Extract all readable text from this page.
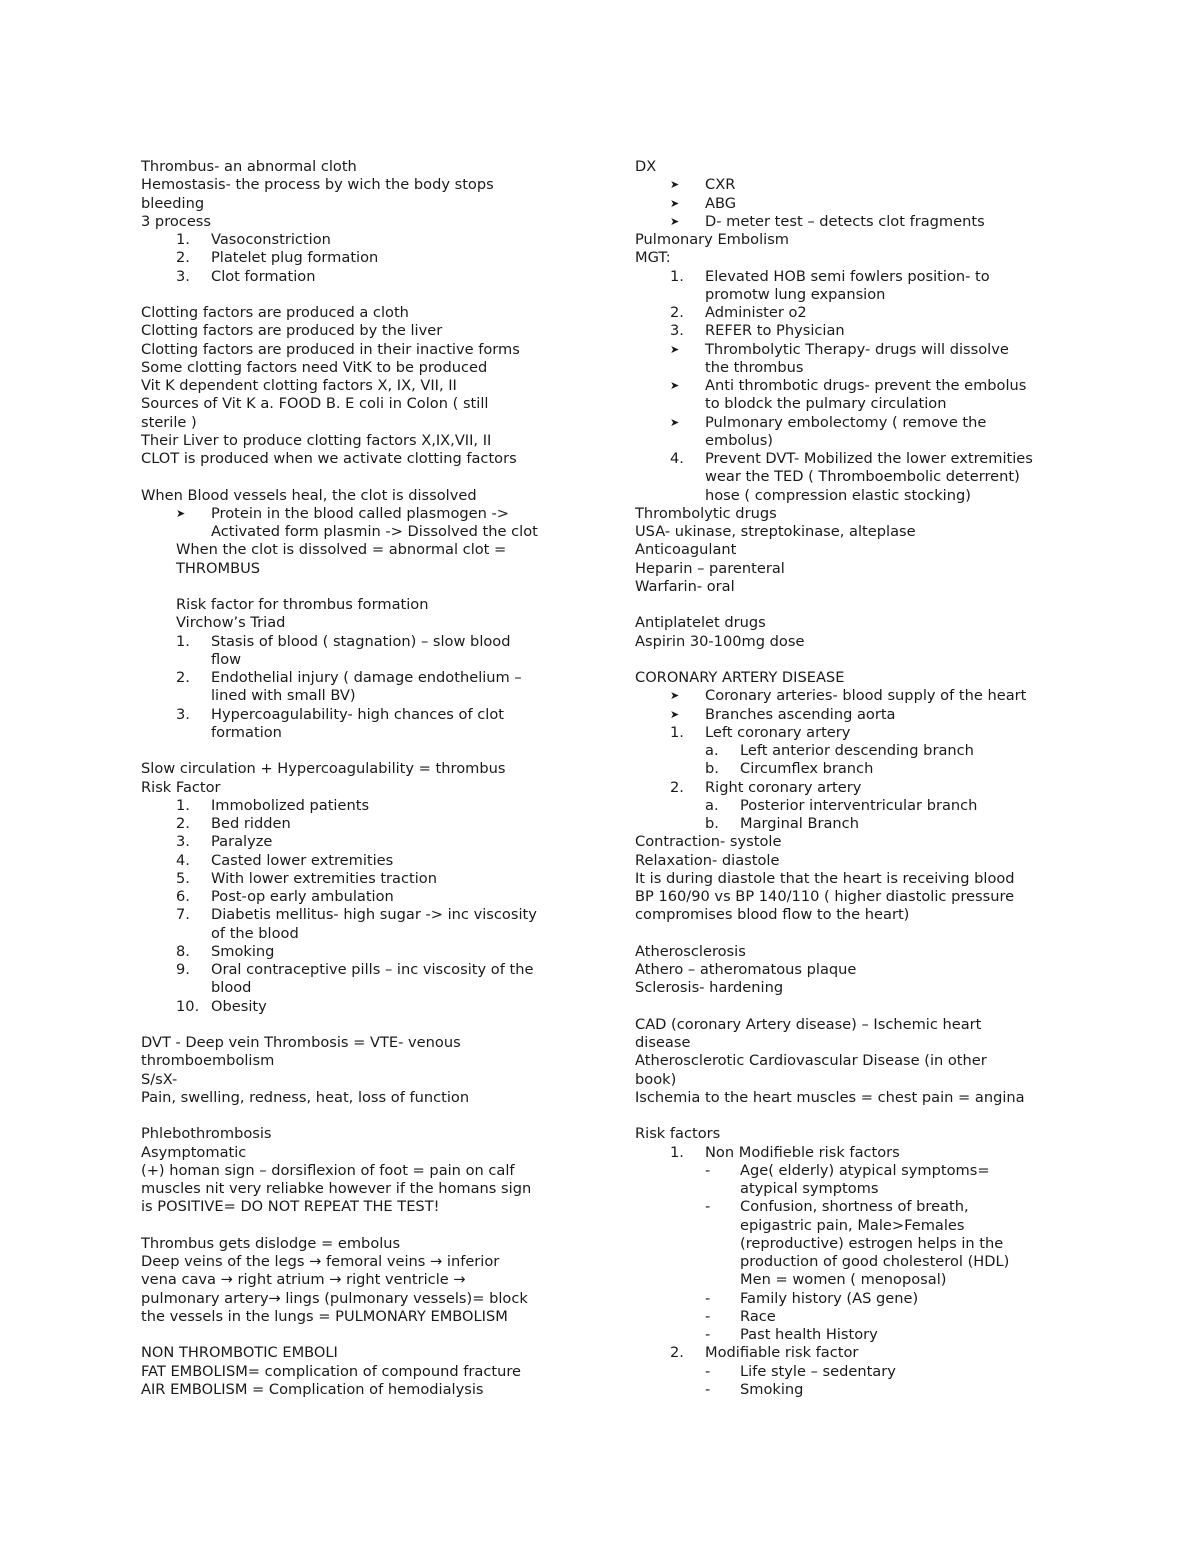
Thrombus- an abnormal cloth
Hemostasis- the process by wich the body stops
bleeding
3 process
1. Vasoconstriction
2. Platelet plug formation
3. Clot formation
Clotting factors are produced a cloth
Clotting factors are produced by the liver
Clotting factors are produced in their inactive forms
Some clotting factors need VitK to be produced
Vit K dependent clotting factors X, IX, VII, II
Sources of Vit K a. FOOD B. E coli in Colon ( still
sterile )
Their Liver to produce clotting factors X,IX,VII, II
CLOT is produced when we activate clotting factors
When Blood vessels heal, the clot is dissolved
➤ Protein in the blood called plasmogen ->
Activated form plasmin -> Dissolved the clot
When the clot is dissolved = abnormal clot =
THROMBUS
Risk factor for thrombus formation
Virchow’s Triad
1. Stasis of blood ( stagnation) – slow blood
flow
2. Endothelial injury ( damage endothelium –
lined with small BV)
3. Hypercoagulability- high chances of clot
formation
Slow circulation + Hypercoagulability = thrombus
Risk Factor
1. Immobolized patients
2. Bed ridden
3. Paralyze
4. Casted lower extremities
5. With lower extremities traction
6. Post-op early ambulation
7. Diabetis mellitus- high sugar -> inc viscosity
of the blood
8. Smoking
9. Oral contraceptive pills – inc viscosity of the
blood
10. Obesity
DVT - Deep vein Thrombosis = VTE- venous
thromboembolism
S/sX-
Pain, swelling, redness, heat, loss of function
Phlebothrombosis
Asymptomatic
(+) homan sign – dorsiflexion of foot = pain on calf
muscles nit very reliabke however if the homans sign
is POSITIVE= DO NOT REPEAT THE TEST!
Thrombus gets dislodge = embolus
Deep veins of the legs → femoral veins → inferior
vena cava → right atrium → right ventricle →
pulmonary artery→ lings (pulmonary vessels)= block
the vessels in the lungs = PULMONARY EMBOLISM
NON THROMBOTIC EMBOLI
FAT EMBOLISM= complication of compound fracture
AIR EMBOLISM = Complication of hemodialysis
DX
➤ CXR
➤ ABG
➤ D- meter test – detects clot fragments
Pulmonary Embolism
MGT:
1. Elevated HOB semi fowlers position- to
promotw lung expansion
2. Administer o2
3. REFER to Physician
➤ Thrombolytic Therapy- drugs will dissolve
the thrombus
➤ Anti thrombotic drugs- prevent the embolus
to blodck the pulmary circulation
➤ Pulmonary embolectomy ( remove the
embolus)
4. Prevent DVT- Mobilized the lower extremities
wear the TED ( Thromboembolic deterrent)
hose ( compression elastic stocking)
Thrombolytic drugs
USA- ukinase, streptokinase, alteplase
Anticoagulant
Heparin – parenteral
Warfarin- oral
Antiplatelet drugs
Aspirin 30-100mg dose
CORONARY ARTERY DISEASE
➤ Coronary arteries- blood supply of the heart
➤ Branches ascending aorta
1. Left coronary artery
a. Left anterior descending branch
b. Circumflex branch
2. Right coronary artery
a. Posterior interventricular branch
b. Marginal Branch
Contraction- systole
Relaxation- diastole
It is during diastole that the heart is receiving blood
BP 160/90 vs BP 140/110 ( higher diastolic pressure
compromises blood flow to the heart)
Atherosclerosis
Athero – atheromatous plaque
Sclerosis- hardening
CAD (coronary Artery disease) – Ischemic heart
disease
Atherosclerotic Cardiovascular Disease (in other
book)
Ischemia to the heart muscles = chest pain = angina
Risk factors
1. Non Modifieble risk factors
- Age( elderly) atypical symptoms=
atypical symptoms
- Confusion, shortness of breath,
epigastric pain, Male>Females
(reproductive) estrogen helps in the
production of good cholesterol (HDL)
Men = women ( menoposal)
- Family history (AS gene)
- Race
- Past health History
2. Modifiable risk factor
- Life style – sedentary
- Smoking
